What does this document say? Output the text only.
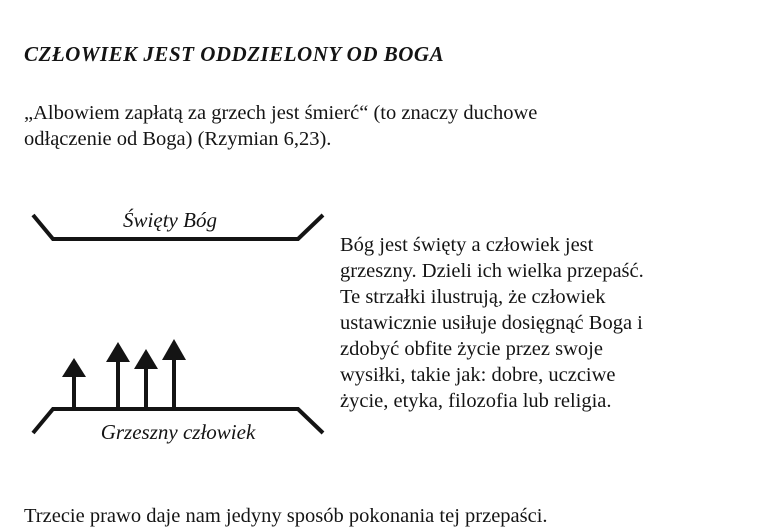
CZŁOWIEK JEST ODDZIELONY OD BOGA

„Albowiem zapłatą za grzech jest śmierć“ (to znaczy duchowe

odłączenie od Boga) (Rzymian 6,23).

Święty Bóg
Grzeszny człowiek

Bóg jest święty a człowiek jest

grzeszny. Dzieli ich wielka przepaść.

Te strzałki ilustrują, że człowiek

ustawicznie usiłuje dosięgnąć Boga i

zdobyć obfite życie przez swoje

wysiłki, takie jak: dobre, uczciwe

życie, etyka, filozofia lub religia.

Trzecie prawo daje nam jedyny sposób pokonania tej przepaści.
